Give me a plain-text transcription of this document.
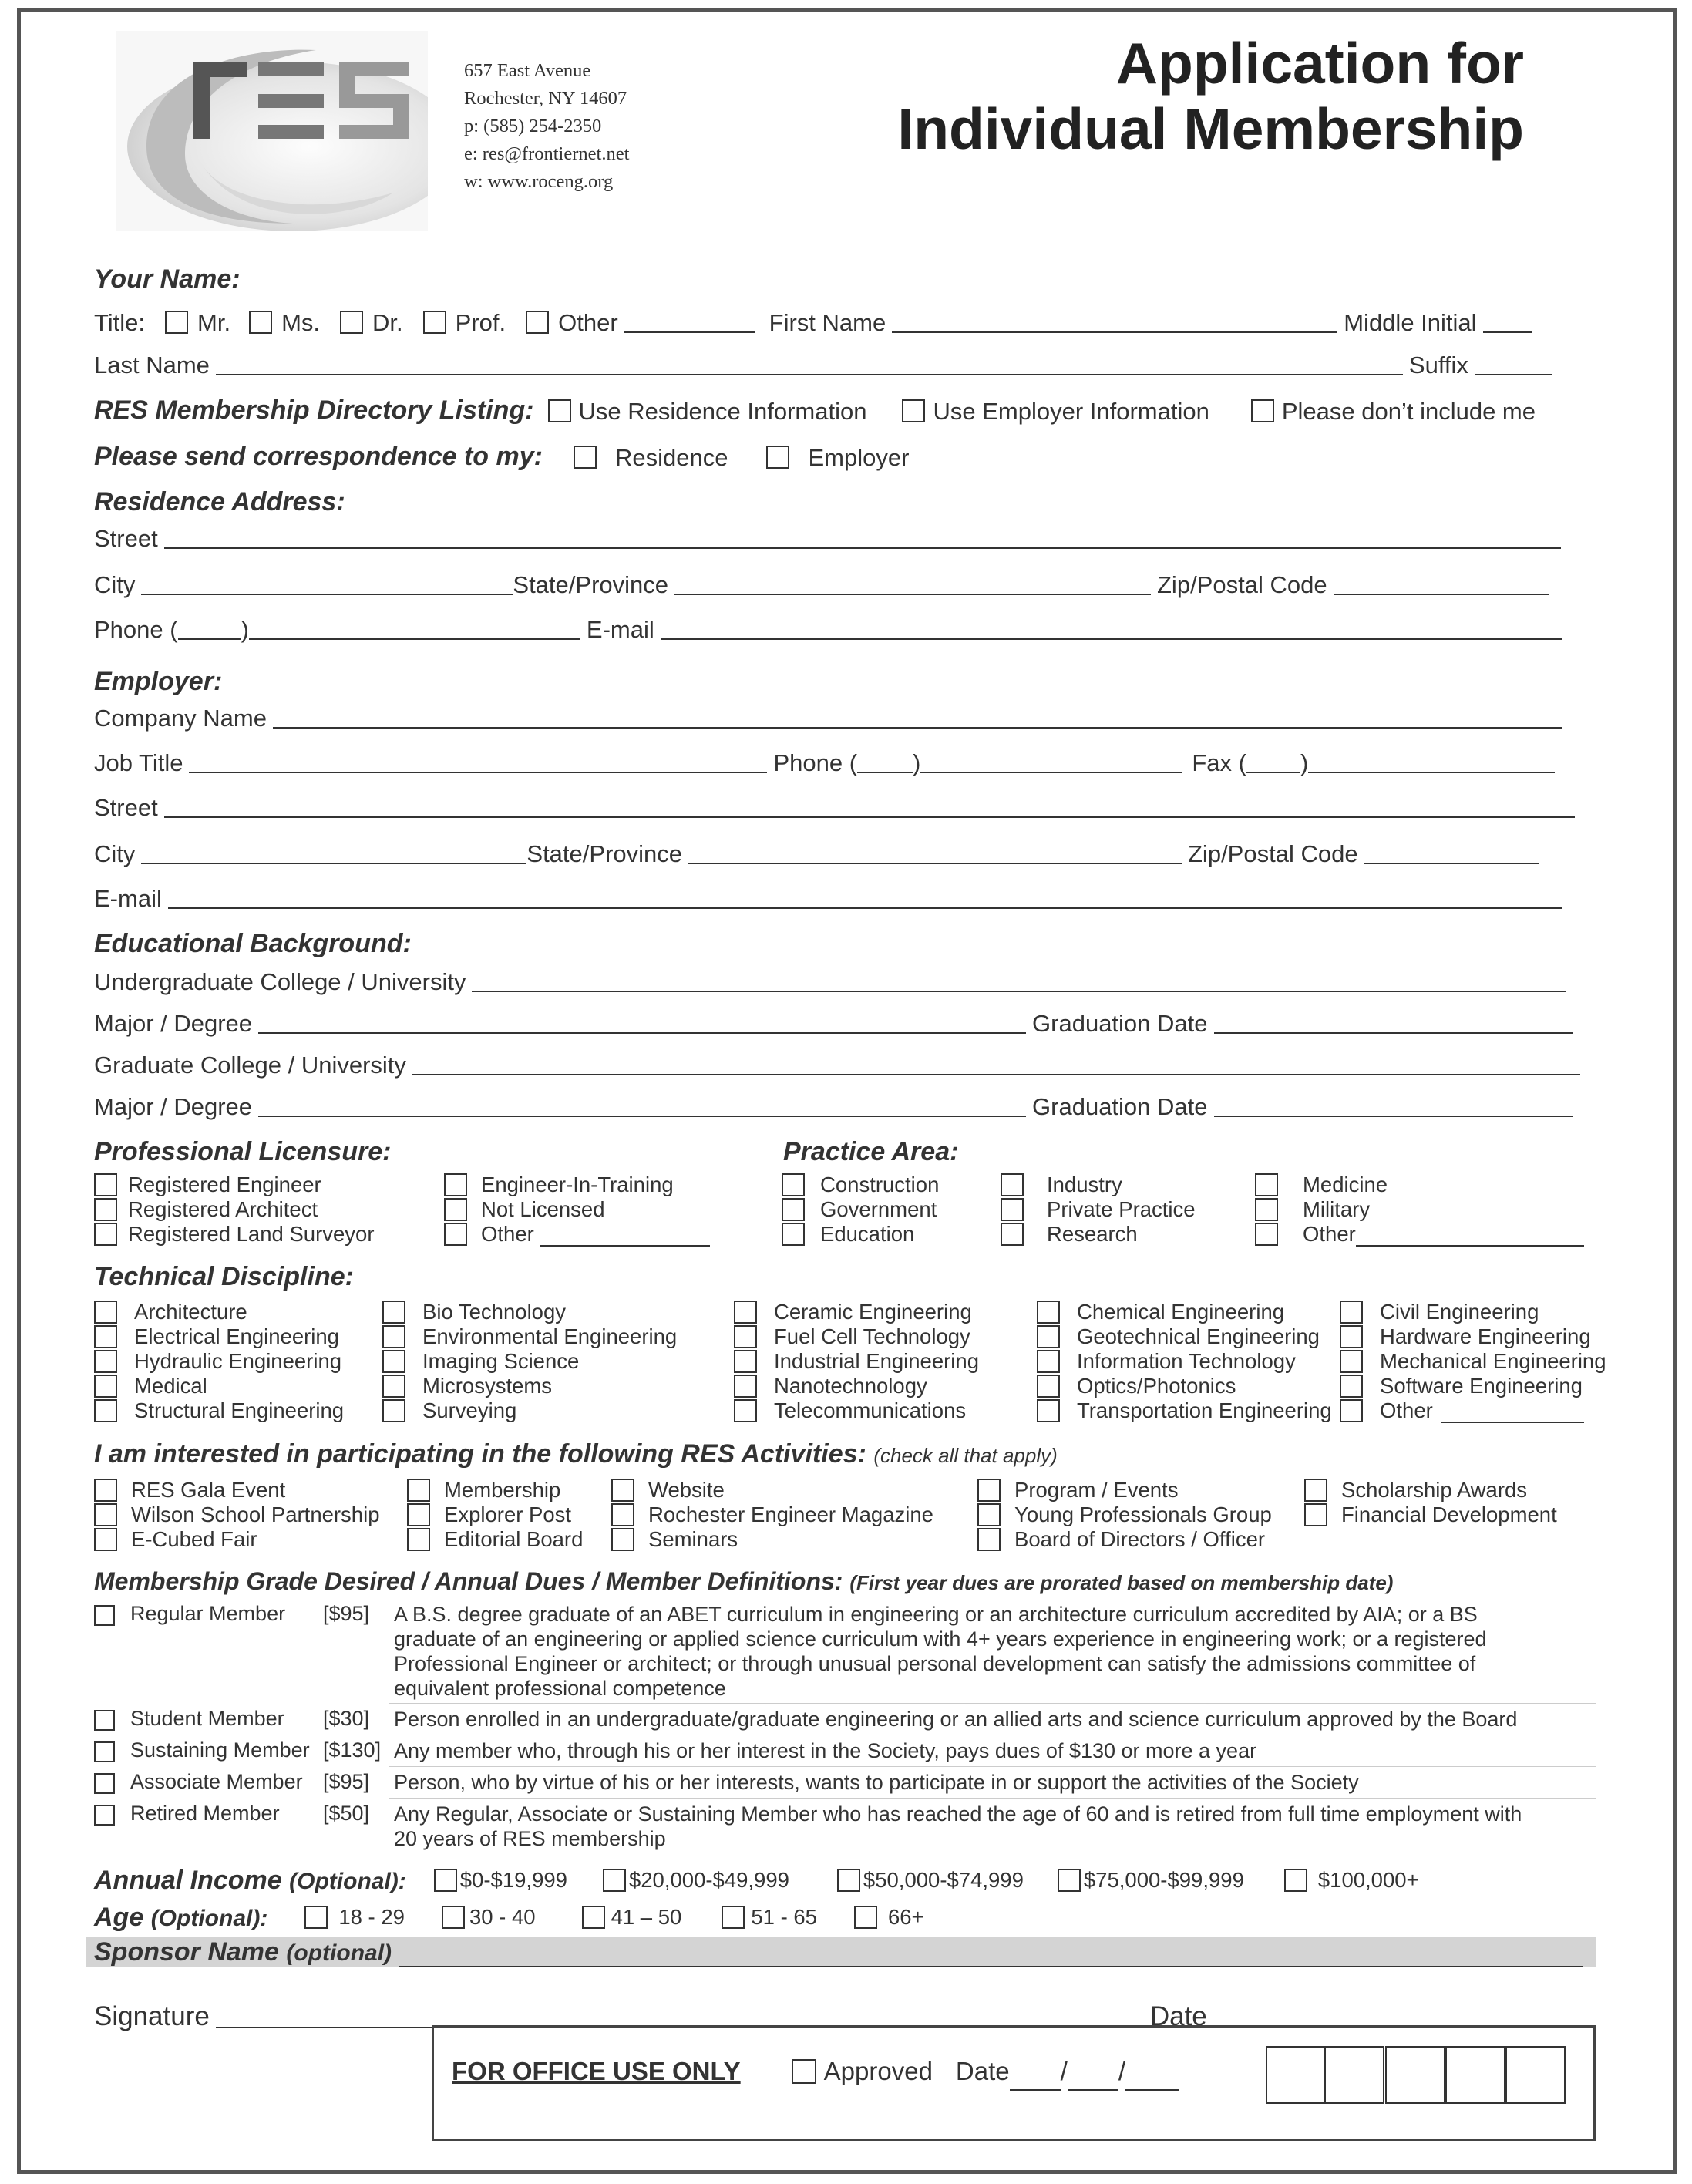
657 East Avenue
Rochester, NY 14607
p: (585) 254-2350
e: res@frontiernet.net
w: www.roceng.org
Application for
Individual Membership
Your Name:
Title: Mr. Ms. Dr. Prof. Other	First Name	Middle Initial
Last Name	Suffix
RES Membership Directory Listing: Use Residence Information	Use Employer Information	Please don’t include me
Please send correspondence to my:	Residence	Employer
Residence Address:
Street
City	State/Province	Zip/Postal Code
Phone (	)	E-mail
Employer:
Company Name
Job Title	Phone ( )	Fax ( )
Street
City	State/Province	Zip/Postal Code
E-mail
Educational Background:
Undergraduate College / University
Major / Degree	Graduation Date
Graduate College / University
Major / Degree	Graduation Date
Professional Licensure:
Registered Engineer
Registered Architect
Registered Land Surveyor
Engineer-In-Training
Not Licensed
Other
Practice Area:
Construction
Government
Education
Industry
Private Practice
Research
Medicine
Military
Other
Technical Discipline:
Architecture
Electrical Engineering
Hydraulic Engineering
Medical
Structural Engineering
Bio Technology
Environmental Engineering
Imaging Science
Microsystems
Surveying
Ceramic Engineering
Fuel Cell Technology
Industrial Engineering
Nanotechnology
Telecommunications
Chemical Engineering
Geotechnical Engineering
Information Technology
Optics/Photonics
Transportation Engineering
Civil Engineering
Hardware Engineering
Mechanical Engineering
Software Engineering
Other
I am interested in participating in the following RES Activities: (check all that apply)
RES Gala Event
Wilson School Partnership
E-Cubed Fair
Membership
Explorer Post
Editorial Board
Website
Rochester Engineer Magazine
Seminars
Program / Events
Young Professionals Group
Board of Directors / Officer
Scholarship Awards
Financial Development
Membership Grade Desired / Annual Dues / Member Definitions: (First year dues are prorated based on membership date)
Regular Member	[$95]	A B.S. degree graduate of an ABET curriculum in engineering or an architecture curriculum accredited by AIA; or a BS graduate of an engineering or applied science curriculum with 4+ years experience in engineering work; or a registered Professional Engineer or architect; or through unusual personal development can satisfy the admissions committee of equivalent professional competence
Student Member	[$30]	Person enrolled in an undergraduate/graduate engineering or an allied arts and science curriculum approved by the Board
Sustaining Member [$130] Any member who, through his or her interest in the Society, pays dues of $130 or more a year
Associate Member [$95]	Person, who by virtue of his or her interests, wants to participate in or support the activities of the Society
Retired Member	[$50]	Any Regular, Associate or Sustaining Member who has reached the age of 60 and is retired from full time employment with 20 years of RES membership
Annual Income (Optional):	$0-$19,999	$20,000-$49,999	$50,000-$74,999	$75,000-$99,999	$100,000+
Age (Optional):	18 - 29	30 - 40	41 – 50	51 - 65	66+
Sponsor Name (optional)
Signature	Date
FOR OFFICE USE ONLY	Approved Date / /
